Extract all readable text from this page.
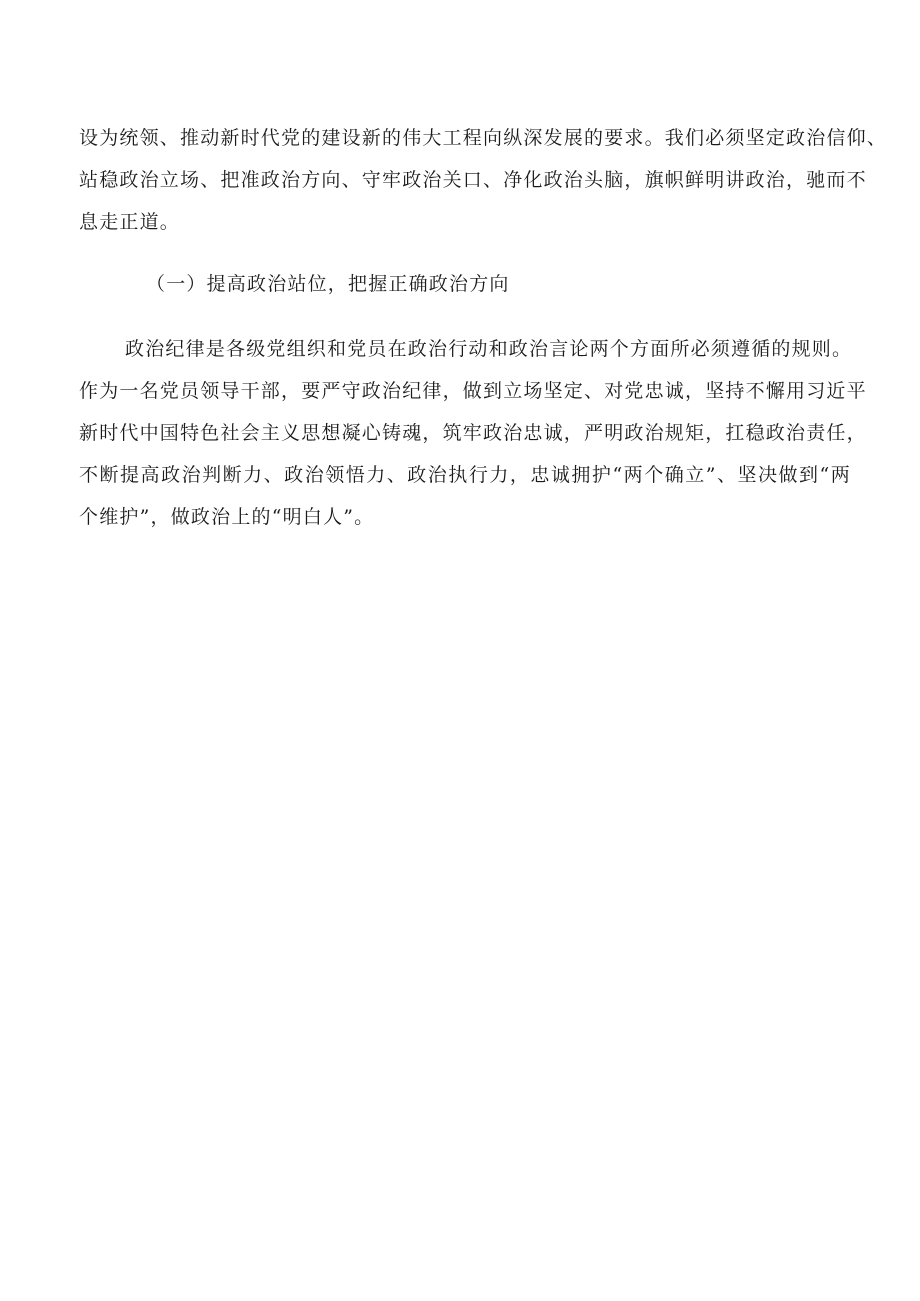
设为统领、推动新时代党的建设新的伟大工程向纵深发展的要求。我们必须坚定政治信仰、
站稳政治立场、把准政治方向、守牢政治关口、净化政治头脑，旗帜鲜明讲政治，驰而不
息走正道。
（一）提高政治站位，把握正确政治方向
政治纪律是各级党组织和党员在政治行动和政治言论两个方面所必须遵循的规则。
作为一名党员领导干部，要严守政治纪律，做到立场坚定、对党忠诚，坚持不懈用习近平
新时代中国特色社会主义思想凝心铸魂，筑牢政治忠诚，严明政治规矩，扛稳政治责任，
不断提高政治判断力、政治领悟力、政治执行力，忠诚拥护“两个确立”、坚决做到“两
个维护”，做政治上的“明白人”。
